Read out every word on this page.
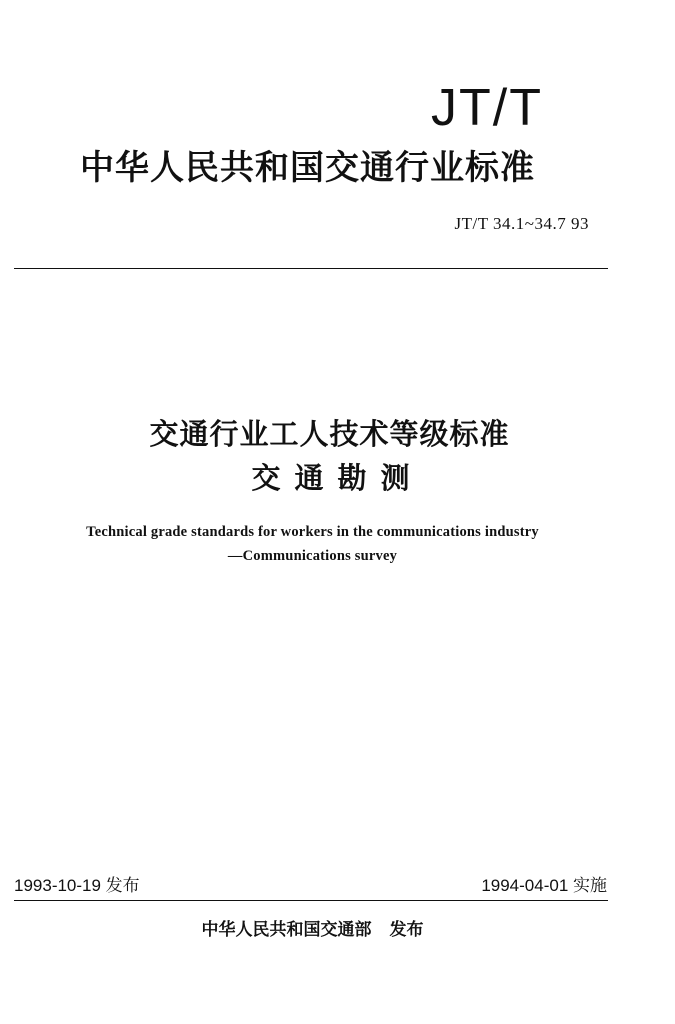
JT/T
中华人民共和国交通行业标准
JT/T 34.1~34.7 93
交通行业工人技术等级标准
交通勘测
Technical grade standards for workers in the communications industry
—Communications survey
1993-10-19 发布	1994-04-01 实施
中华人民共和国交通部 发布
